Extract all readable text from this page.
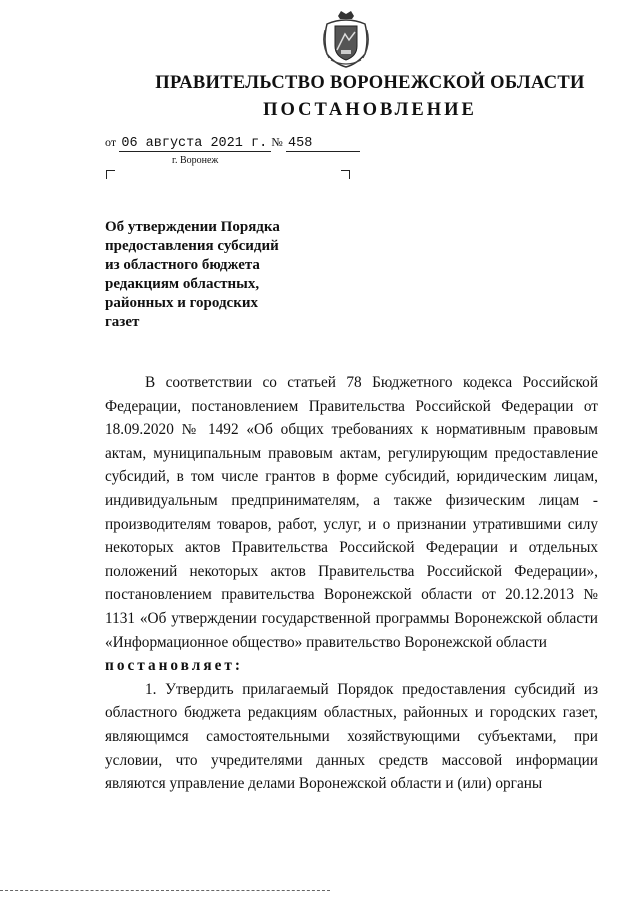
ПРАВИТЕЛЬСТВО ВОРОНЕЖСКОЙ ОБЛАСТИ
ПОСТАНОВЛЕНИЕ
от 06 августа 2021 г. № 458
г. Воронеж
Об утверждении Порядка
предоставления субсидий
из областного бюджета
редакциям областных,
районных и городских
газет

В соответствии со статьей 78 Бюджетного кодекса Российской Федерации, постановлением Правительства Российской Федерации от 18.09.2020 № 1492 «Об общих требованиях к нормативным правовым актам, муниципальным правовым актам, регулирующим предоставление субсидий, в том числе грантов в форме субсидий, юридическим лицам, индивидуальным предпринимателям, а также физическим лицам - производителям товаров, работ, услуг, и о признании утратившими силу некоторых актов Правительства Российской Федерации и отдельных положений некоторых актов Правительства Российской Федерации», постановлением правительства Воронежской области от 20.12.2013 № 1131 «Об утверждении государственной программы Воронежской области «Информационное общество» правительство Воронежской области

постановляет:

1. Утвердить прилагаемый Порядок предоставления субсидий из областного бюджета редакциям областных, районных и городских газет, являющимся самостоятельными хозяйствующими субъектами, при условии, что учредителями данных средств массовой информации являются управление делами Воронежской области и (или) органы
